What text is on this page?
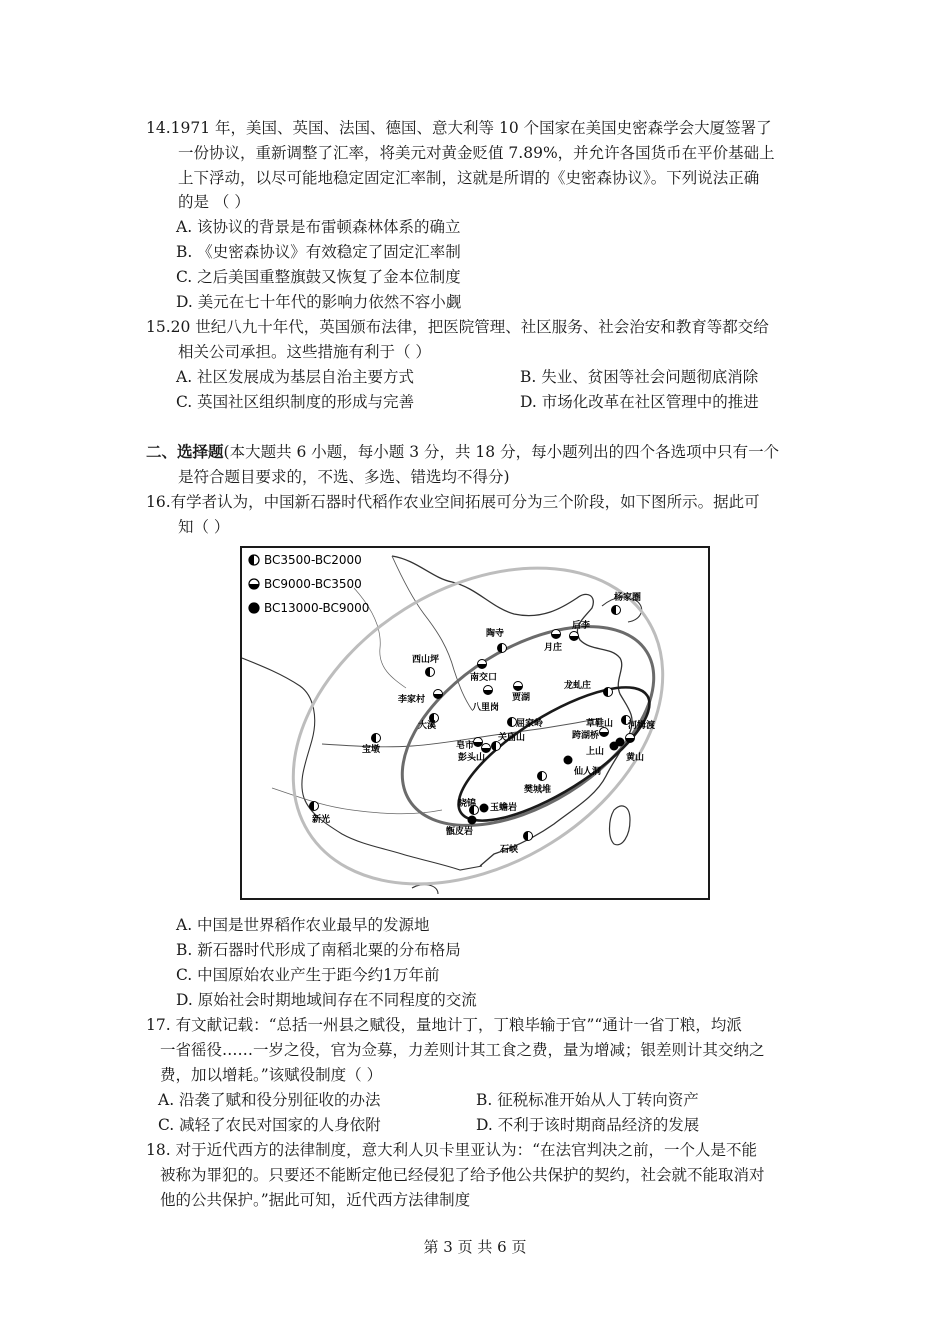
14.1971 年，美国、英国、法国、德国、意大利等 10 个国家在美国史密森学会大厦签署了
一份协议，重新调整了汇率，将美元对黄金贬值 7.89%，并允许各国货币在平价基础上
上下浮动，以尽可能地稳定固定汇率制，这就是所谓的《史密森协议》。下列说法正确
的是 （ ）
A. 该协议的背景是布雷顿森林体系的确立
B. 《史密森协议》有效稳定了固定汇率制
C. 之后美国重整旗鼓又恢复了金本位制度
D. 美元在七十年代的影响力依然不容小觑
15.20 世纪八九十年代，英国颁布法律，把医院管理、社区服务、社会治安和教育等都交给
相关公司承担。这些措施有利于（ ）
A. 社区发展成为基层自治主要方式	B. 失业、贫困等社会问题彻底消除
C. 英国社区组织制度的形成与完善	D. 市场化改革在社区管理中的推进
二、选择题(本大题共 6 小题，每小题 3 分，共 18 分，每小题列出的四个各选项中只有一个
是符合题目要求的，不选、多选、错选均不得分)
16.有学者认为，中国新石器时代稻作农业空间拓展可分为三个阶段，如下图所示。据此可
知（ ）
BC3500-BC2000
BC9000-BC3500
BC13000-BC9000
杨家圈
陶寺
后李
月庄
西山坪
南交口
贾湖
龙虬庄
李家村
八里岗
屈家岭	草鞋山 河姆渡
大溪
皂市
关庙山	跨湖桥
宝墩
彭头山
上山
黄山
仙人洞
樊城堆
新光
晓锦 玉蟾岩
甑皮岩
石峡
A. 中国是世界稻作农业最早的发源地
B. 新石器时代形成了南稻北粟的分布格局
C. 中国原始农业产生于距今约1万年前
D. 原始社会时期地域间存在不同程度的交流
17. 有文献记载：“总括一州县之赋役，量地计丁，丁粮毕输于官”“通计一省丁粮，均派
一省徭役……一岁之役，官为佥募，力差则计其工食之费，量为增减；银差则计其交纳之
费，加以增耗。”该赋役制度（ ）
A. 沿袭了赋和役分别征收的办法	B. 征税标准开始从人丁转向资产
C. 减轻了农民对国家的人身依附	D. 不利于该时期商品经济的发展
18. 对于近代西方的法律制度，意大利人贝卡里亚认为：“在法官判决之前，一个人是不能
被称为罪犯的。只要还不能断定他已经侵犯了给予他公共保护的契约，社会就不能取消对
他的公共保护。”据此可知，近代西方法律制度
第 3 页 共 6 页
